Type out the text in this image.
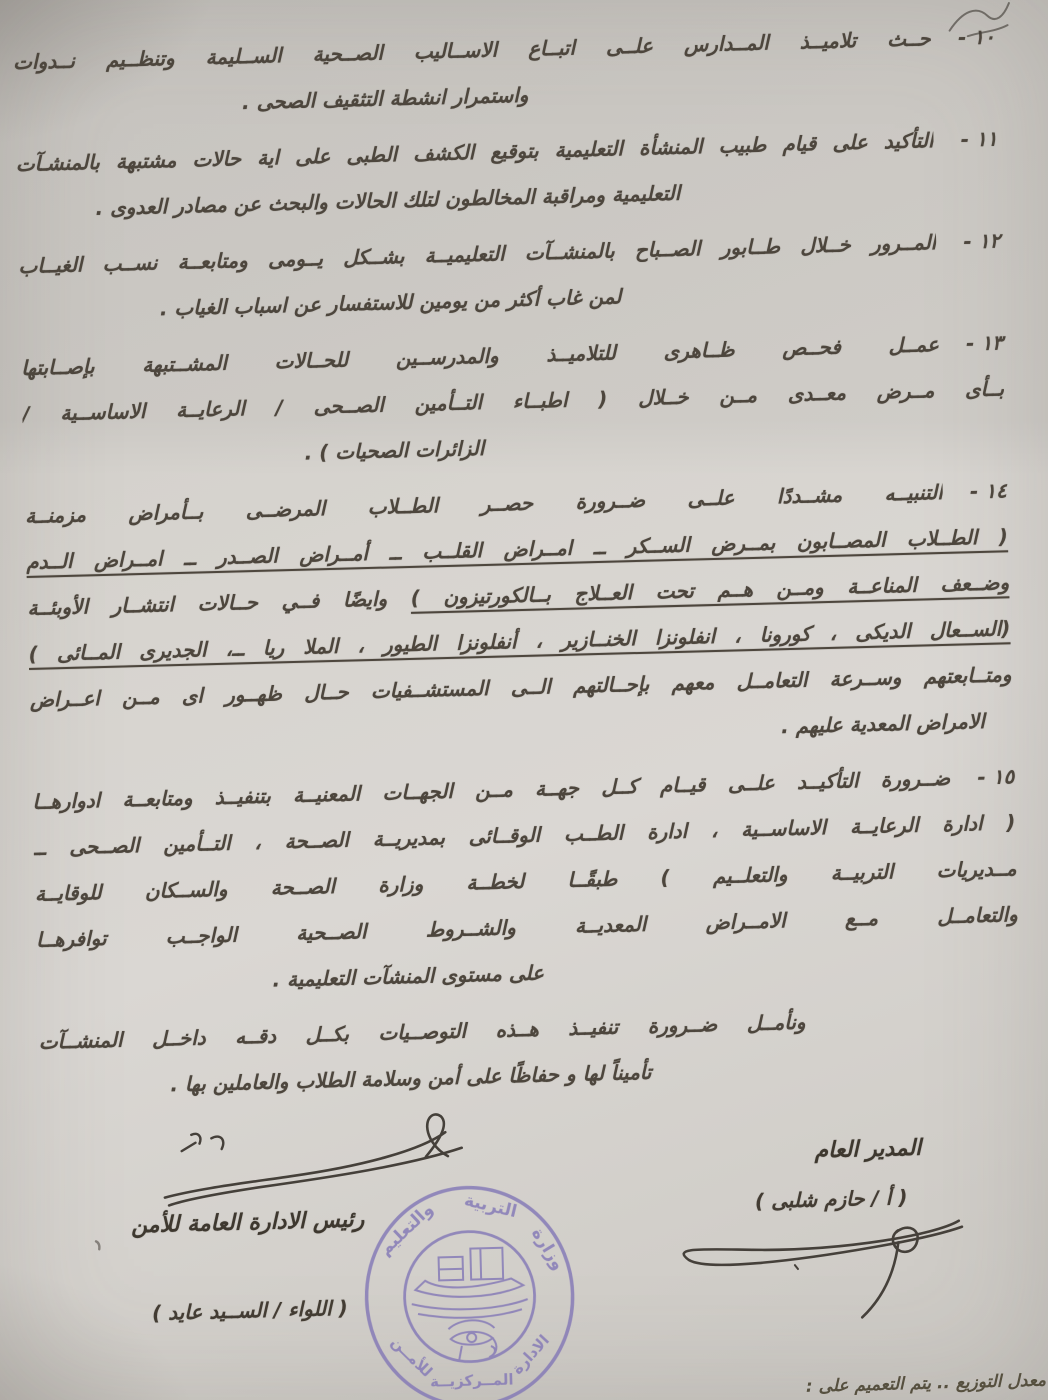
١٠ -
حــث تلاميــذ المــدارس علــى اتبــاع الاســاليب الصــحية الســليمة وتنظــيم نــدوات
واستمرار انشطة التثقيف الصحى .
١١ -
التأكيد على قيام طبيب المنشأة التعليمية بتوقيع الكشف الطبى على اية حالات مشتبهة بالمنشـآت
التعليمية ومراقبة المخالطون لتلك الحالات والبحث عن مصادر العدوى .
١٢ -
المــرور خــلال طــابور الصــباح بالمنشــآت التعليميــة بشــكل يــومى ومتابعــة نســب الغيــاب
لمن غاب أكثر من يومين للاستفسار عن اسباب الغياب .
١٣ -
عمــل فحــص ظــاهرى للتلاميــذ والمدرســين للحــالات المشــتبهة بإصــابتها
بــأى مــرض معــدى مــن خــلال ( اطبــاء التــأمين الصــحى / الرعايــة الاساســية /
الزائرات الصحيات ) .
١٤ -
التنبيــه مشــددًا علــى ضــرورة حصــر الطــلاب المرضــى بــأمراض مزمنــة
( الطــلاب المصــابون بمــرض الســكر ــ امــراض القلــب ــ أمــراض الصــدر ــ امــراض الــدم
وضــعف المناعــة ومــن هــم تحت العــلاج بــالكورتيزون ) وايضًا فــي حــالات انتشــار الأوبئــة
(الســعال الديكى ، كورونا ، انفلونزا الخنــازير ، أنفلونزا الطيور ، الملا ريا ــ، الجديرى المــائى )
ومتــابعتهم وســرعة التعامــل معهم بإحــالتهم الــى المستشــفيات حــال ظهــور اى مــن اعــراض
الامراض المعدية عليهم .
١٥ -
ضــرورة التأكيــد علــى قيــام كــل جهــة مــن الجهــات المعنيــة بتنفيــذ ومتابعــة ادوارهــا
( ادارة الرعايــة الاساســية ، ادارة الطــب الوقــائى بمديريــة الصــحة ، التــأمين الصــحى ــ
مــديريات التربيــة والتعلــيم ) طبقًــا لخطــة وزارة الصــحة والســكان للوقايــة
والتعامــل مــع الامــراض المعديــة والشــروط الصــحية الواجــب توافرهــا
على مستوى المنشآت التعليمية .
ونأمــل ضــرورة تنفيــذ هــذه التوصــيات بكــل دقــه داخــل المنشــآت
تأميناً لها و حفاظًا على أمن وسلامة الطلاب والعاملين بها .
المدير العام
( أ / حازم شلبى )
رئيس الادارة العامة للأمن
( اللواء / الســيد عايد )
وزارة
التربية
والتعليم
الادارة
المــركزيــة
للأمــن
معدل التوزيع .. يتم التعميم على :
